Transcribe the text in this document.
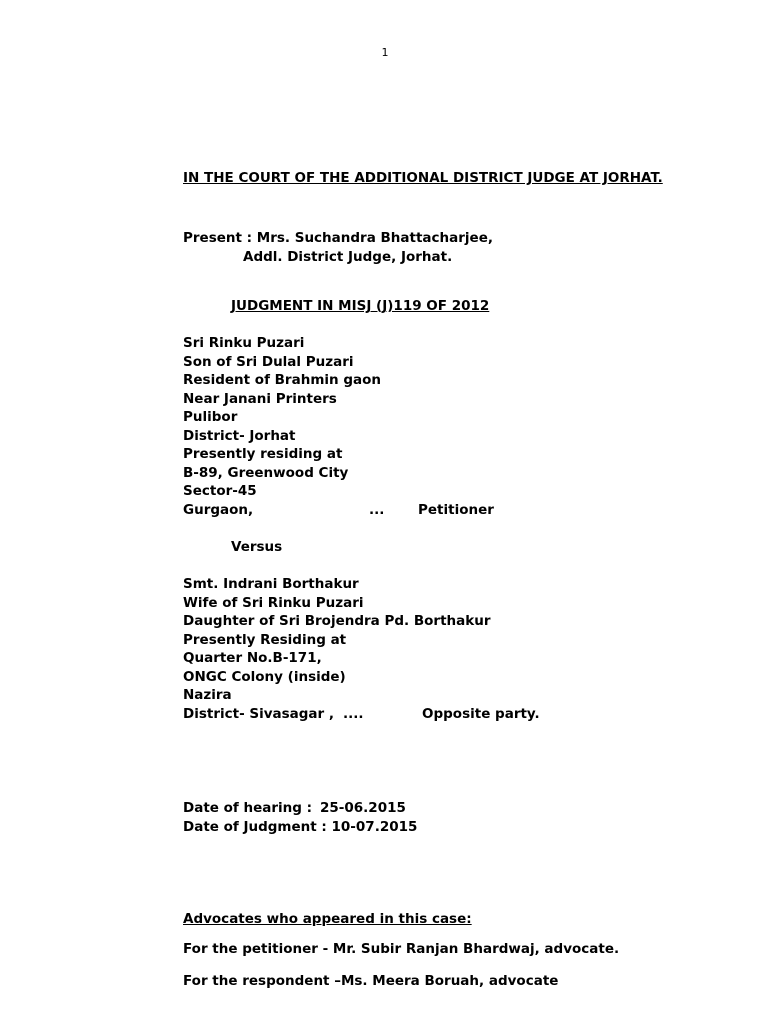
1
IN THE COURT OF THE ADDITIONAL DISTRICT JUDGE AT JORHAT.
Present : Mrs. Suchandra Bhattacharjee,
Addl. District Judge, Jorhat.
JUDGMENT IN MISJ (J)119 OF 2012
Sri Rinku Puzari
Son of Sri Dulal Puzari
Resident of Brahmin gaon
Near Janani Printers
Pulibor
District- Jorhat
Presently residing at
B-89, Greenwood City
Sector-45
Gurgaon,	... Petitioner
Versus
Smt. Indrani Borthakur
Wife of Sri Rinku Puzari
Daughter of Sri Brojendra Pd. Borthakur
Presently Residing at
Quarter No.B-171,
ONGC Colony (inside)
Nazira
District- Sivasagar , ....	Opposite party.
Date of hearing : 25-06.2015
Date of Judgment : 10-07.2015
Advocates who appeared in this case:
For the petitioner - Mr. Subir Ranjan Bhardwaj, advocate.
For the respondent –Ms. Meera Boruah, advocate
